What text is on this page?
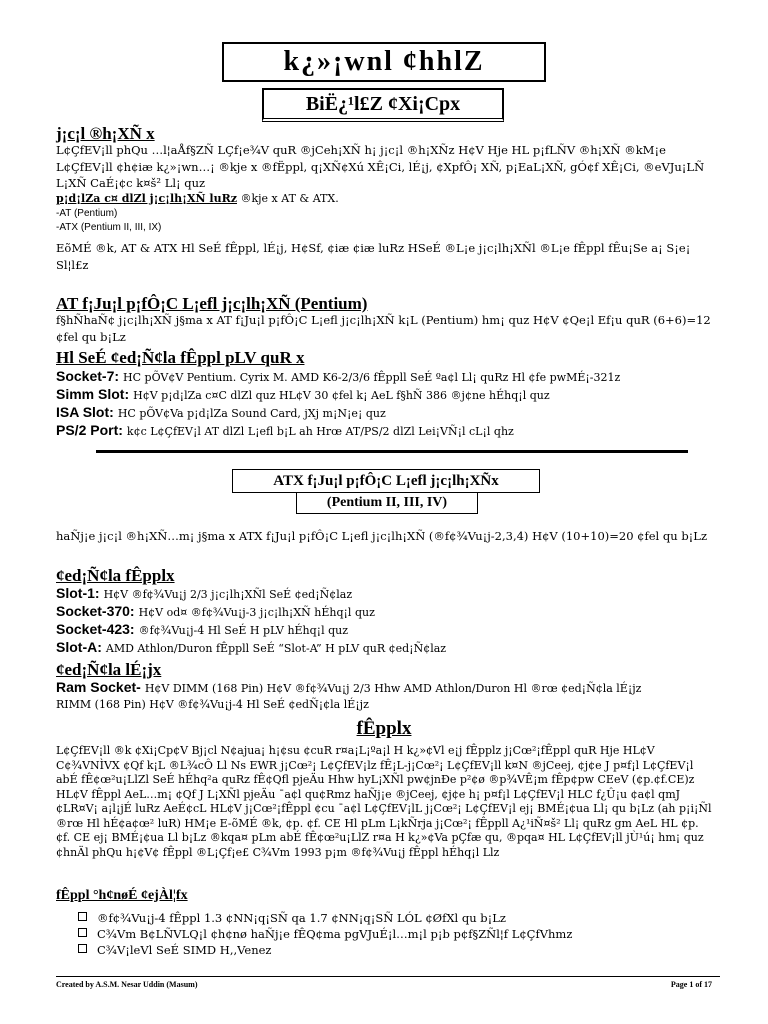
k¿»¡wnl ¢hhlZ
BiË¿¹l£Z ¢Xi¡Cpx
j¡c¡l ®h¡XÑ x
L¢ÇfEV¡ll phQu …l¦aÅf§ZÑ LÇf¡e¾V quR ®jCeh¡XÑ h¡ j¡c¡l ®h¡XÑz H¢V Hje HL p¡fLÑV ®h¡XÑ ®kM¡e L¢ÇfEV¡ll ¢h¢iæ k¿»¡wn…¡ ®kje x ®fËppl, q¡XÑ¢Xú XÊ¡Ci, lÉ¡j, ¢XpfÔ¡ XÑ, p¡EaL¡XÑ, gÓ¢f XÊ¡Ci, ®eVJu¡LÑ L¡XÑ CaÉ¡¢c k¤š² Ll¡ quz
p¡d¡lZa c¤ dlZl j¡c¡lh¡XÑ luRz ®kje x AT & ATX.
-AT (Pentium)
-ATX (Pentium II, III, IX)
EõMÉ ®k, AT & ATX Hl SeÉ fÊppl, lÉ¡j, H¢Sf, ¢iæ ¢iæ luRz HSeÉ ®L¡e j¡c¡lh¡XÑl ®L¡e fÊppl fÊu¡Se a¡ S¡e¡ Sl¦l£z
AT f¡Ju¡l p¡fÔ¡C L¡efl j¡c¡lh¡XÑ (Pentium)
f§hÑhaÑ¢ j¡c¡lh¡XÑ j§ma x AT f¡Ju¡l p¡fÔ¡C L¡efl j¡c¡lh¡XÑ k¡L (Pentium) hm¡ quz H¢V ¢Qe¡l Ef¡u quR (6+6)=12 ¢fel qu b¡Lz
Hl SeÉ ¢ed¡Ñ¢la fÊppl pLV quR x
Socket-7: HC pÕV¢V Pentium. Cyrix M. AMD K6-2/3/6 fÊppll SeÉ ºa¢l Ll¡ quRz Hl ¢fe pwMÉ¡-321z
Simm Slot: H¢V p¡d¡lZa c¤C dlZl quz HL¢V 30 ¢fel k¡ AeL f§hÑ 386 ®j¢ne hÉhq¡l quz
ISA Slot: HC pÕV¢Va p¡d¡lZa Sound Card, jXj m¡N¡e¡ quz
PS/2 Port: k¢c L¢ÇfEV¡l AT dlZl L¡efl b¡L ah Hrœ AT/PS/2 dlZl Lei¡VÑ¡l cL¡l qhz
ATX f¡Ju¡l p¡fÔ¡C L¡efl j¡c¡lh¡XÑx
(Pentium II, III, IV)
haÑj¡e j¡c¡l ®h¡XÑ…m¡ j§ma x ATX f¡Ju¡l p¡fÔ¡C L¡efl j¡c¡lh¡XÑ (®f¢¾Vu¡j-2,3,4) H¢V (10+10)=20 ¢fel qu b¡Lz
¢ed¡Ñ¢la fÊpplx
Slot-1: H¢V ®f¢¾Vu¡j 2/3 j¡c¡lh¡XÑl SeÉ ¢ed¡Ñ¢laz
Socket-370: H¢V od¤ ®f¢¾Vu¡j-3 j¡c¡lh¡XÑ hÉhq¡l quz
Socket-423: ®f¢¾Vu¡j-4 Hl SeÉ H pLV hÉhq¡l quz
Slot-A: AMD Athlon/Duron fÊppll SeÉ “Slot-A” H pLV quR ¢ed¡Ñ¢laz
¢ed¡Ñ¢la lÉ¡jx
Ram Socket- H¢V DIMM (168 Pin) H¢V ®f¢¾Vu¡j 2/3 Hhw AMD Athlon/Duron Hl ®rœ ¢ed¡Ñ¢la lÉ¡jz
RIMM (168 Pin) H¢V ®f¢¾Vu¡j-4 Hl SeÉ ¢edÑ¡¢la lÉ¡jz
fÊpplx
L¢ÇfEV¡ll ®k ¢Xi¡Cp¢V Bj¡cl N¢ajua¡ h¡¢su ¢cuR r¤a¡L¡ºa¡l H k¿»¢Vl e¡j fÊpplz j¡Cœ²¡fÊppl quR Hje HL¢V C¢¾VNÌVX ¢Qf k¡L ®L¾cÔ Ll Ns EWR j¡Cœ²¡ L¢ÇfEV¡lz fÊ¡L-j¡Cœ²¡ L¢ÇfEV¡ll k¤N ®jCeej, ¢j¢e J p¤f¡l L¢ÇfEV¡l abÉ fÊ¢œ²u¡LlZl SeÉ hÉhq²a quRz fÊ¢Qfl pjeÄu Hhw hyL¡XÑl pw¢jnÐe p²¢ø ®p¾VÊ¡m fÊp¢pw CEeV (¢p.¢f.CE)z HL¢V fÊppl AeL…m¡ ¢Qf J L¡XÑl pjeÄu ¯a¢l qu¢Rmz haÑj¡e ®jCeej, ¢j¢e h¡ p¤f¡l L¢ÇfEV¡l HLC f¿Û¡u ¢a¢l qmJ ¢LR¤V¡ a¡l¡jÉ luRz AeÉ¢cL HL¢V j¡Cœ²¡fÊppl ¢cu ¯a¢l L¢ÇfEV¡lL j¡Cœ²¡ L¢ÇfEV¡l ej¡ BMÉ¡¢ua Ll¡ qu b¡Lz (ah p¡i¡Ñl ®rœ Hl hÉ¢a¢œ² luR) HM¡e E-õMÉ ®k, ¢p. ¢f. CE Hl pLm L¡kÑrja j¡Cœ²¡ fÊppll A¿¹iÑ¤š² Ll¡ quRz gm AeL HL ¢p. ¢f. CE ej¡ BMÉ¡¢ua Ll b¡Lz ®kqa¤ pLm abÉ fÊ¢œ²u¡LlZ r¤a H k¿»¢Va pÇfæ qu, ®pqa¤ HL L¢ÇfEV¡ll jÙ¹ú¡ hm¡ quz ¢hnÄl phQu h¡¢V¢ fÊppl ®L¡Çf¡e£ C¾Vm 1993 p¡m ®f¢¾Vu¡j fÊppl hÉhq¡l Llz
fÊppl °h¢nøÉ ¢ejÀl¦fx
®f¢¾Vu¡j-4 fÊppl 1.3 ¢NN¡q¡SÑ qa 1.7 ¢NN¡q¡SÑ LÓL ¢ØfXl qu b¡Lz
C¾Vm B¢LÑVLQ¡l ¢h¢nø haÑj¡e fÊQ¢ma pgVJuÉ¡l…m¡l p¡b p¢f§ZÑl¦f L¢ÇfVhmz
C¾V¡leVl SeÉ SIMD H,,Venez
Created by A.S.M. Nesar Uddin (Masum)	Page 1 of 17
